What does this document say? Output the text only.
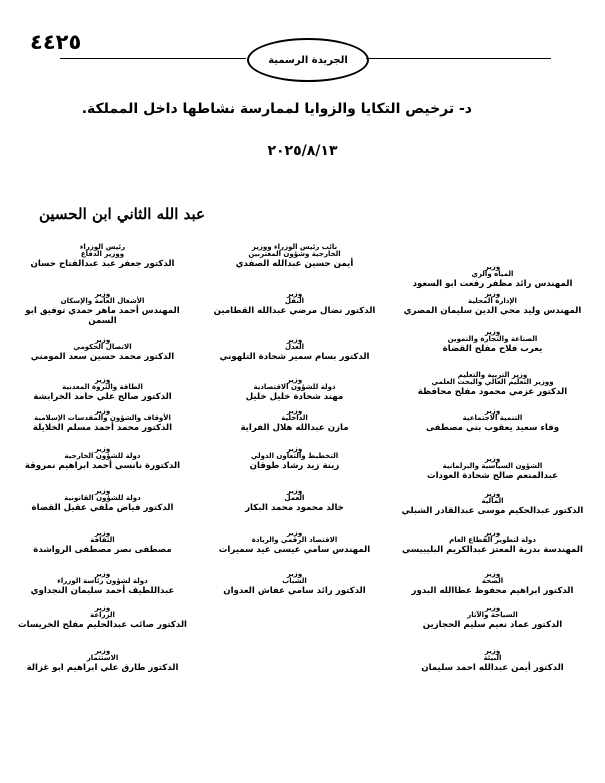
٤٤٢٥
الجريدة الرسمية
د- ترخيص التكايا والزوايا لممارسة نشاطها داخل المملكة.
٢٠٢٥/٨/١٣
عبد الله الثاني ابن الحسين
رئيس الوزراء
ووزير الدفاع
الدكتور جعفر عبد عبدالفتاح حسان
نائب رئيس الوزراء ووزير
الخارجية وشؤون المغتربين
أيمن حسين عبدالله الصفدي	وزير
المياه والري
المهندس رائد مظفر رفعت ابو السعود
وزير
الأشغال العامة والإسكان
المهندس أحمد ماهر حمدي توفيق ابو السمن
وزير
النقل
الدكتور نضال مرضي عبدالله القطامين
وزير
الإدارة المحلية
المهندس وليد محي الدين سليمان المصري
وزير
الاتصال الحكومي
الدكتور محمد حسين سعد المومني
وزير
العدل
الدكتور بسام سمير شحادة التلهوني
وزير
الصناعة والتجارة والتموين
يعرب فلاح مفلح القضاة
وزير
الطاقة والثروة المعدنية
الدكتور صالح علي حامد الخرابشة
وزير
دولة للشؤون الاقتصادية
مهند شحادة خليل خليل
وزير التربية والتعليم
ووزير التعليم العالي والبحث العلمي
الدكتور عزمي محمود مفلح محافظة
وزير
الأوقاف والشؤون والمقدسات الإسلامية
الدكتور محمد أحمد مسلم الخلايلة
وزير
الداخلية
مازن عبدالله هلال الفراية
وزير
التنمية الاجتماعية
وفاء سعيد يعقوب بني مصطفى
وزير
دولة للشؤون الخارجية
الدكتورة نانسي أحمد ابراهيم نمروقة
وزير
التخطيط والتعاون الدولي
زينة زيد رشاد طوقان
وزير
الشؤون السياسية والبرلمانية
عبدالمنعم صالح شحادة العودات
وزير
دولة للشؤون القانونية
الدكتور فياض ملفي عقيل القضاة
وزير
العمل
خالد محمود محمد البكار
وزير
المالية
الدكتور عبدالحكيم موسى عبدالقادر الشبلي
وزير
الثقافة
مصطفى نصر مصطفى الرواشدة
وزير
الاقتصاد الرقمي والريادة
المهندس سامي عيسى عيد سميرات
وزير
دولة لتطوير القطاع العام
المهندسة بدرية المعتز عبدالكريم البليبيسي
وزير
دولة لشؤون رئاسة الوزراء
عبداللطيف أحمد سليمان النجداوي
وزير
الشباب
الدكتور رائد سامي عفاش العدوان
وزير
الصحة
الدكتور ابراهيم محفوظ عطاالله البدور
وزير
الزراعة
الدكتور صائب عبدالحليم مفلح الخريسات
وزير
السياحة والآثار
الدكتور عماد نعيم سليم الحجازين
وزير
الاستثمار
الدكتور طارق علي ابراهيم ابو غزالة
وزير
البيئة
الدكتور أيمن عبدالله احمد سليمان
